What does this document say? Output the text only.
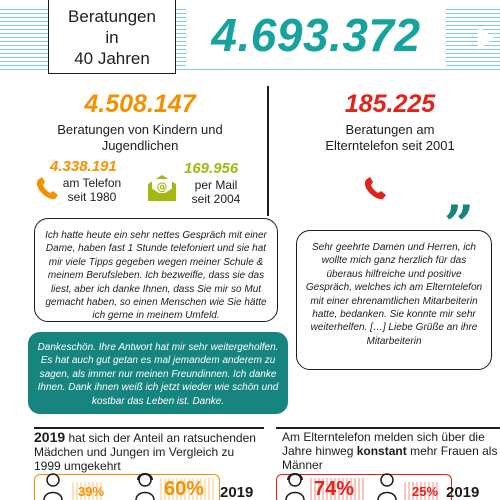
Beratungen
in
40 Jahren	4.693.372
4.508.147
Beratungen von Kindern und Jugendlichen
4.338.191
am Telefon
seit 1980
@
169.956
per Mail
seit 2004
185.225
Beratungen am
Elterntelefon seit 2001
Ich hatte heute ein sehr nettes Gespräch mit einer Dame, haben fast 1 Stunde telefoniert und sie hat mir viele Tipps gegeben wegen meiner Schule & meinem Berufsleben. Ich bezweifle, dass sie das liest, aber ich danke Ihnen, dass Sie mir so Mut gemacht haben, so einen Menschen wie Sie hätte ich gerne in meinem Umfeld.
Sehr geehrte Damen und Herren, ich wollte mich ganz herzlich für das überaus hilfreiche und positive Gespräch, welches ich am Elterntelefon mit einer ehrenamtlichen Mitarbeiterin hatte, bedanken. Sie konnte mir sehr weiterhelfen. […] Liebe Grüße an ihre Mitarbeiterin
Dankeschön. Ihre Antwort hat mir sehr weitergeholfen. Es hat auch gut getan es mal jemandem anderem zu sagen, als immer nur meinen Freundinnen. Ich danke Ihnen. Dank ihnen weiß ich jetzt wieder wie schön und kostbar das Leben ist. Danke.
”
2019 hat sich der Anteil an ratsuchenden Mädchen und Jungen im Vergleich zu 1999 umgekehrt
Am Elterntelefon melden sich über die Jahre hinweg konstant mehr Frauen als Männer
39%	60% 2019	74%	25% 2019
